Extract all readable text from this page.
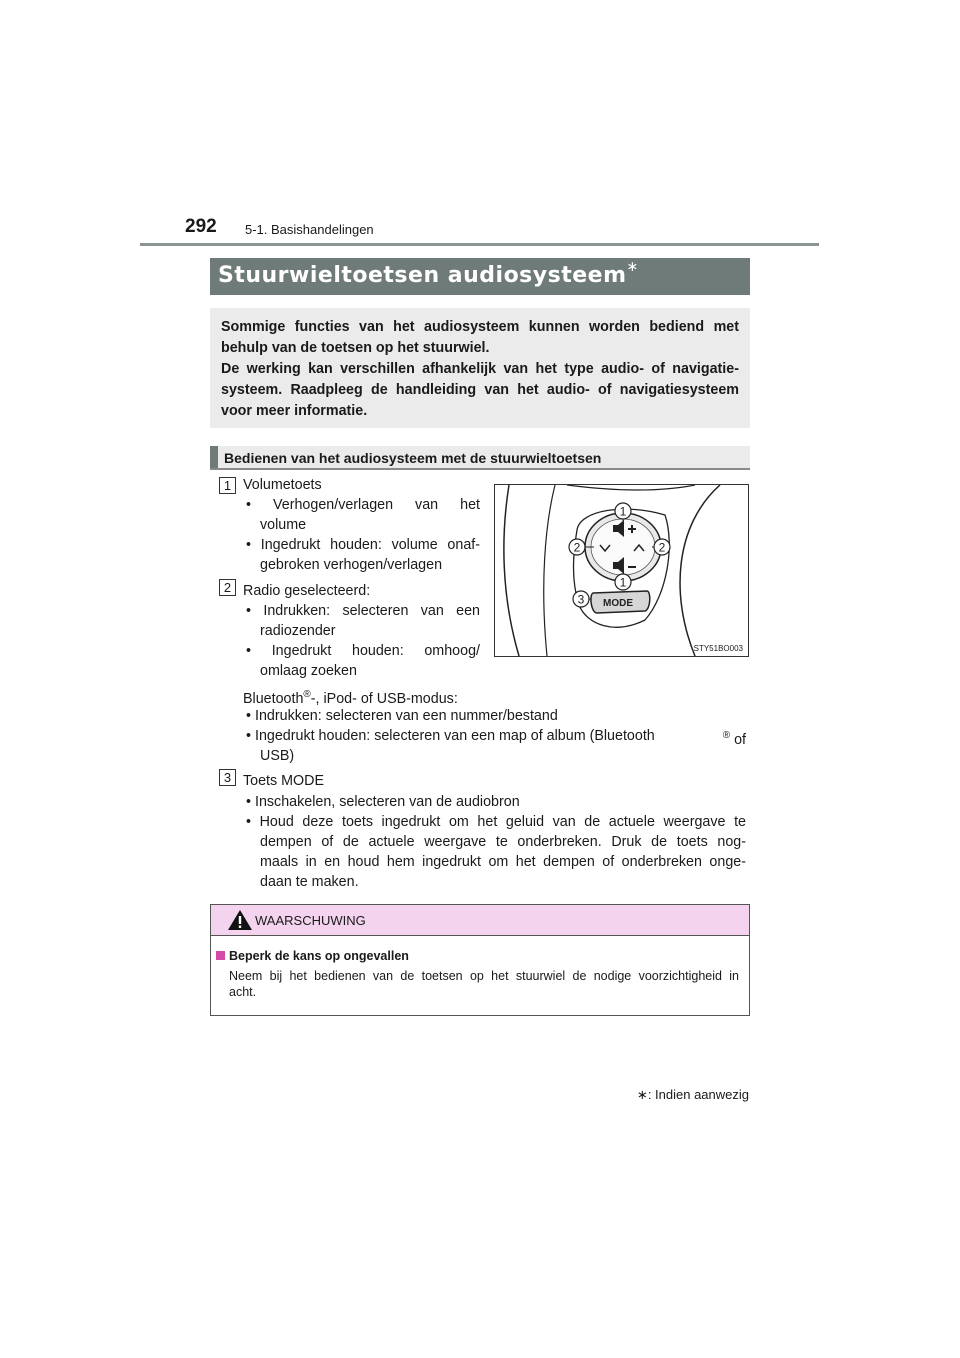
292 5-1. Basishandelingen
Stuurwieltoetsen audiosysteem∗
Sommige functies van het audiosysteem kunnen worden bediend met
behulp van de toetsen op het stuurwiel.
De werking kan verschillen afhankelijk van het type audio- of navigatie-
systeem. Raadpleeg de handleiding van het audio- of navigatiesysteem
voor meer informatie.
Bedienen van het audiosysteem met de stuurwieltoetsen
1 Volumetoets
• Verhogen/verlagen van het
volume
• Ingedrukt houden: volume onaf-
gebroken verhogen/verlagen
2 Radio geselecteerd:
• Indrukken: selecteren van een
radiozender
• Ingedrukt houden: omhoog/
omlaag zoeken
Bluetooth®-, iPod- of USB-modus:
• Indrukken: selecteren van een nummer/bestand
• Ingedrukt houden: selecteren van een map of album (Bluetooth	® of
USB)
3 Toets MODE
• Inschakelen, selecteren van de audiobron
• Houd deze toets ingedrukt om het geluid van de actuele weergave te
dempen of de actuele weergave te onderbreken. Druk de toets nog-
maals in en houd hem ingedrukt om het dempen of onderbreken onge-
daan te maken.
MODE
1
2	2
1
3
STY51BO003
WAARSCHUWING
Beperk de kans op ongevallen
Neem bij het bedienen van de toetsen op het stuurwiel de nodige voorzichtigheid in
acht.
∗: Indien aanwezig
